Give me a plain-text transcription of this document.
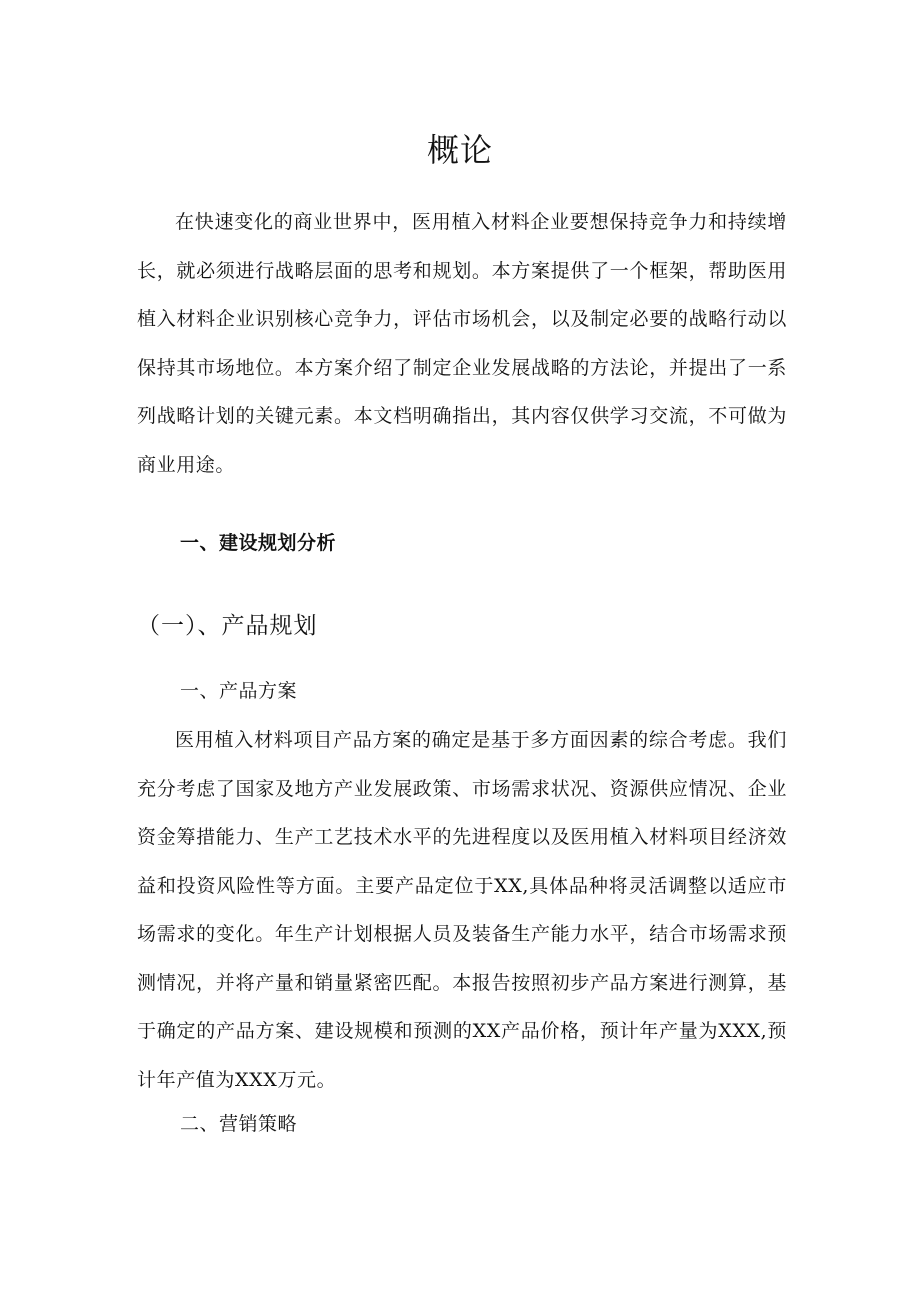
概论

在快速变化的商业世界中，医用植入材料企业要想保持竞争力和持续增长，就必须进行战略层面的思考和规划。本方案提供了一个框架，帮助医用植入材料企业识别核心竞争力，评估市场机会，以及制定必要的战略行动以保持其市场地位。本方案介绍了制定企业发展战略的方法论，并提出了一系列战略计划的关键元素。本文档明确指出，其内容仅供学习交流，不可做为商业用途。

一、建设规划分析
（一）、产品规划
一、产品方案

医用植入材料项目产品方案的确定是基于多方面因素的综合考虑。我们充分考虑了国家及地方产业发展政策、市场需求状况、资源供应情况、企业资金筹措能力、生产工艺技术水平的先进程度以及医用植入材料项目经济效益和投资风险性等方面。主要产品定位于XX,具体品种将灵活调整以适应市场需求的变化。年生产计划根据人员及装备生产能力水平，结合市场需求预测情况，并将产量和销量紧密匹配。本报告按照初步产品方案进行测算，基于确定的产品方案、建设规模和预测的XX产品价格，预计年产量为XXX,预计年产值为XXX万元。

二、营销策略
